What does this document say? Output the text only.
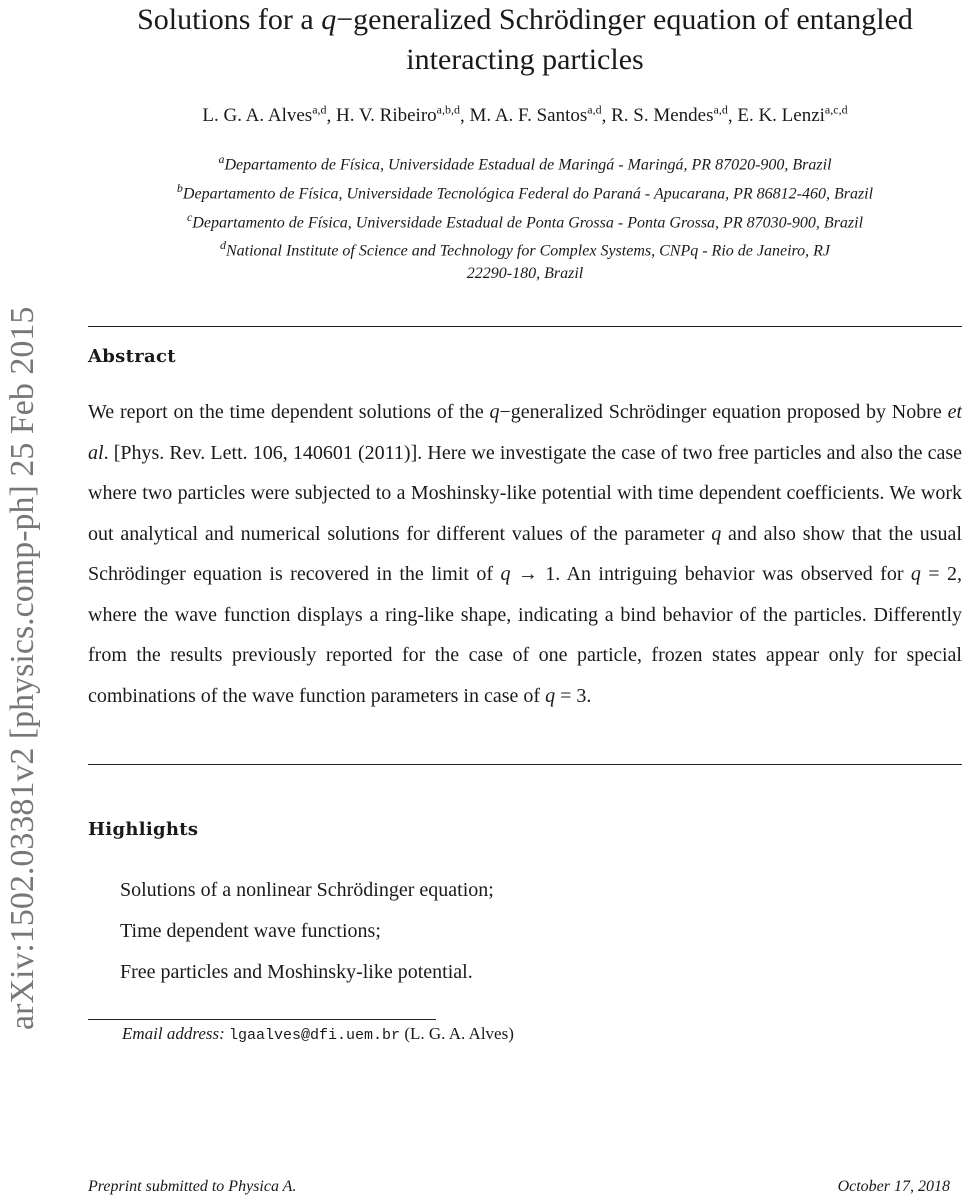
arXiv:1502.03381v2 [physics.comp-ph] 25 Feb 2015
Solutions for a q−generalized Schrödinger equation of entangled
interacting particles
L. G. A. Alves$^{a,d}$, H. V. Ribeiro$^{a,b,d}$, M. A. F. Santos$^{a,d}$, R. S. Mendes$^{a,d}$, E. K. Lenzi$^{a,c,d}$
$^a$Departamento de Física, Universidade Estadual de Maringá - Maringá, PR 87020-900, Brazil
$^b$Departamento de Física, Universidade Tecnológica Federal do Paraná - Apucarana, PR 86812-460, Brazil
$^c$Departamento de Física, Universidade Estadual de Ponta Grossa - Ponta Grossa, PR 87030-900, Brazil
$^d$National Institute of Science and Technology for Complex Systems, CNPq - Rio de Janeiro, RJ
22290-180, Brazil
Abstract
We report on the time dependent solutions of the q−generalized Schrödinger equation proposed by Nobre et al. [Phys. Rev. Lett. 106, 140601 (2011)]. Here we investigate the case of two free particles and also the case where two particles were subjected to a Moshinsky-like potential with time dependent coefficients. We work out analytical and numerical solutions for different values of the parameter q and also show that the usual Schrödinger equation is recovered in the limit of q → 1. An intriguing behavior was observed for q = 2, where the wave function displays a ring-like shape, indicating a bind behavior of the particles. Differently from the results previously reported for the case of one particle, frozen states appear only for special combinations of the wave function parameters in case of q = 3.
Highlights
Solutions of a nonlinear Schrödinger equation;
Time dependent wave functions;
Free particles and Moshinsky-like potential.
Email address: lgaalves@dfi.uem.br (L. G. A. Alves)
Preprint submitted to Physica A.	October 17, 2018
